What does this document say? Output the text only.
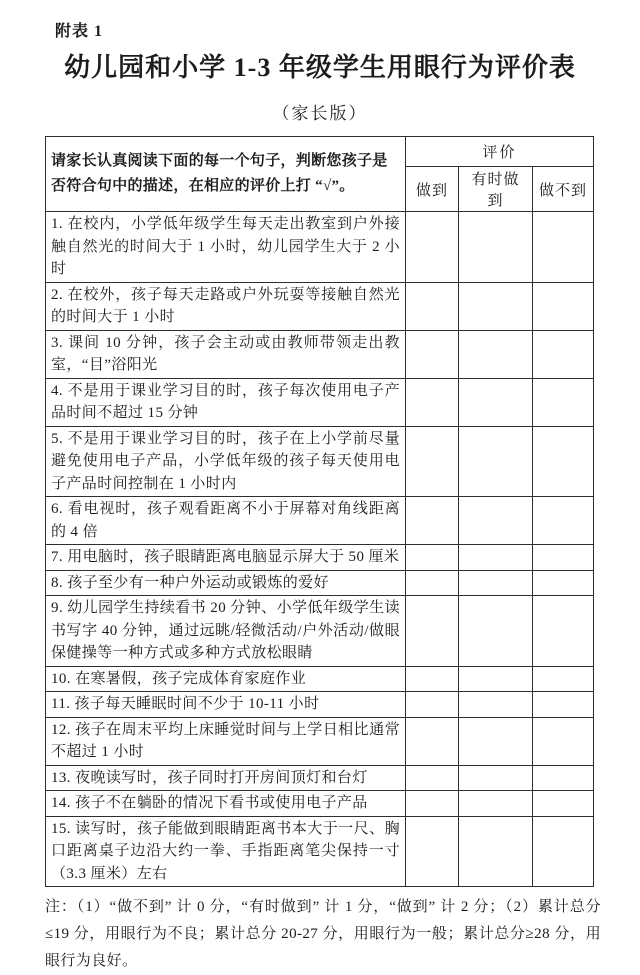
附表 1
幼儿园和小学 1-3 年级学生用眼行为评价表
（家长版）
请家长认真阅读下面的每一个句子，判断您孩子是否符合句中的描述，在相应的评价上打 “√”。	评价		
	做到	有时做到	做不到
1. 在校内，小学低年级学生每天走出教室到户外接触自然光的时间大于 1 小时，幼儿园学生大于 2 小时			
2. 在校外，孩子每天走路或户外玩耍等接触自然光的时间大于 1 小时			
3. 课间 10 分钟，孩子会主动或由教师带领走出教室，“目”浴阳光			
4. 不是用于课业学习目的时，孩子每次使用电子产品时间不超过 15 分钟			
5. 不是用于课业学习目的时，孩子在上小学前尽量避免使用电子产品，小学低年级的孩子每天使用电子产品时间控制在 1 小时内			
6. 看电视时，孩子观看距离不小于屏幕对角线距离的 4 倍			
7. 用电脑时，孩子眼睛距离电脑显示屏大于 50 厘米			
8. 孩子至少有一种户外运动或锻炼的爱好			
9. 幼儿园学生持续看书 20 分钟、小学低年级学生读书写字 40 分钟，通过远眺/轻微活动/户外活动/做眼保健操等一种方式或多种方式放松眼睛			
10. 在寒暑假，孩子完成体育家庭作业			
11. 孩子每天睡眠时间不少于 10-11 小时			
12. 孩子在周末平均上床睡觉时间与上学日相比通常不超过 1 小时			
13. 夜晚读写时，孩子同时打开房间顶灯和台灯			
14. 孩子不在躺卧的情况下看书或使用电子产品			
15. 读写时，孩子能做到眼睛距离书本大于一尺、胸口距离桌子边沿大约一拳、手指距离笔尖保持一寸（3.3 厘米）左右			
注：（1）“做不到” 计 0 分，“有时做到” 计 1 分，“做到” 计 2 分；（2）累计总分≤19 分，用眼行为不良；累计总分 20-27 分，用眼行为一般；累计总分≥28 分，用眼行为良好。
